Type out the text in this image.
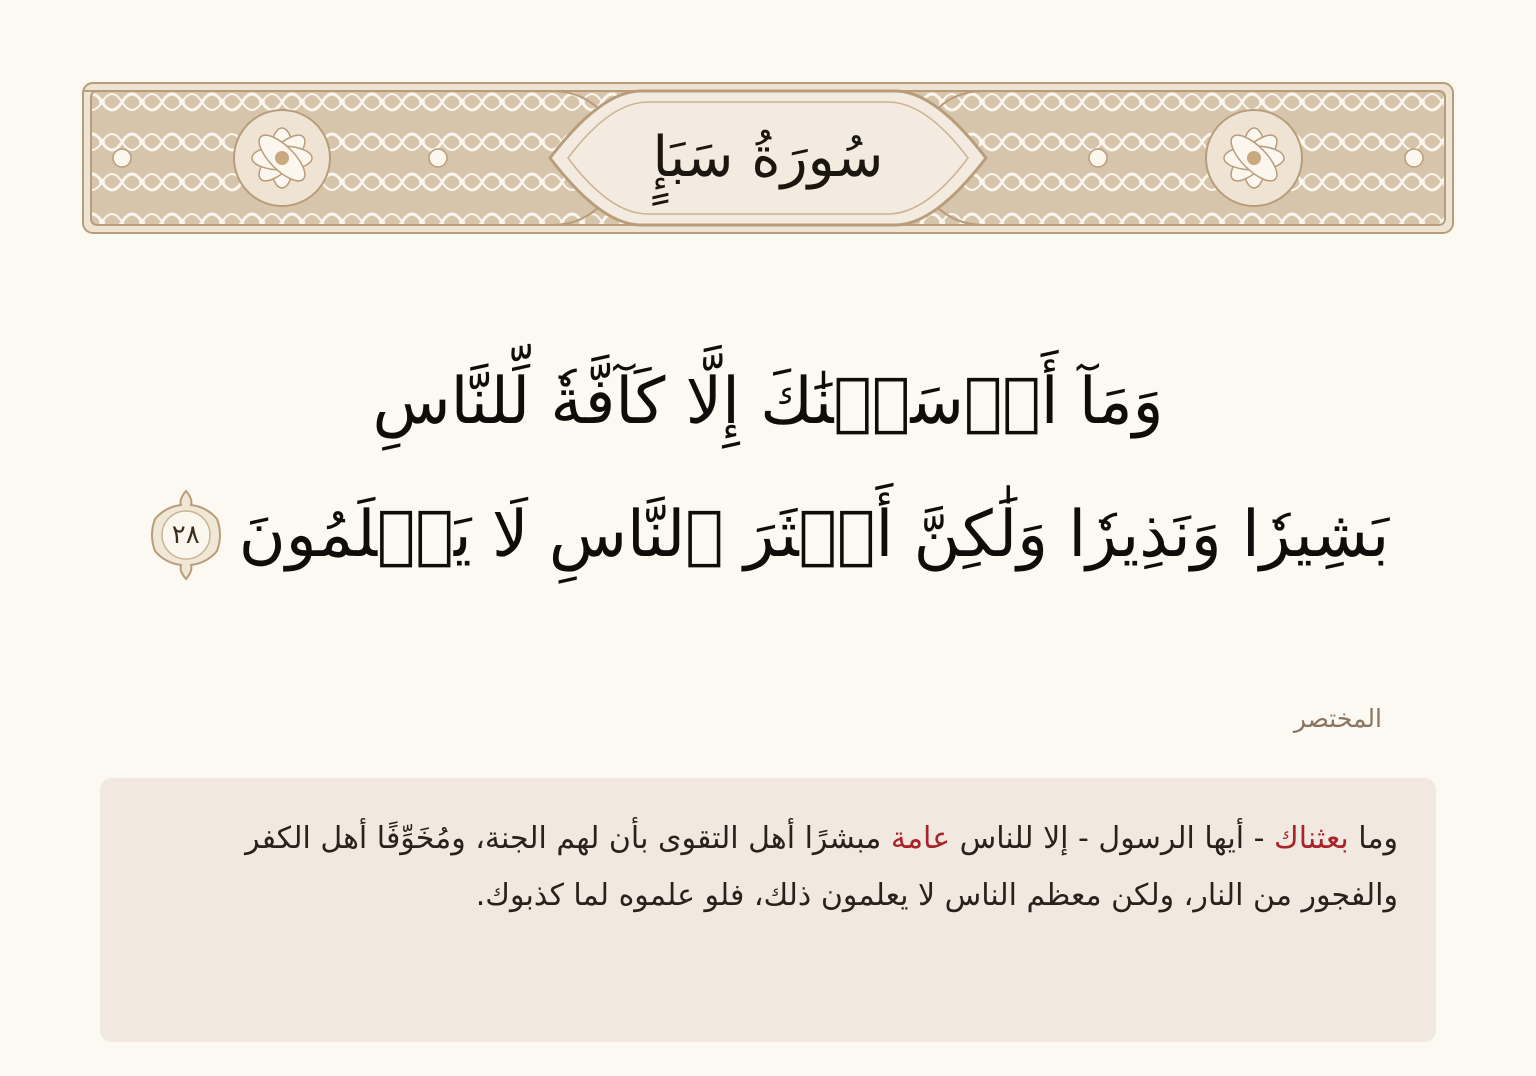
سُورَةُ سَبَإٍ
وَمَآ أَرۡسَلۡنَٰكَ إِلَّا كَآفَّةٗ لِّلنَّاسِ
بَشِيرٗا وَنَذِيرٗا وَلَٰكِنَّ أَكۡثَرَ ٱلنَّاسِ لَا يَعۡلَمُونَ
٢٨
المختصر

وما بعثناك - أيها الرسول - إلا للناس عامة مبشرًا أهل التقوى بأن لهم الجنة، ومُخَوِّفًا أهل الكفر والفجور من النار، ولكن معظم الناس لا يعلمون ذلك، فلو علموه لما كذبوك.
